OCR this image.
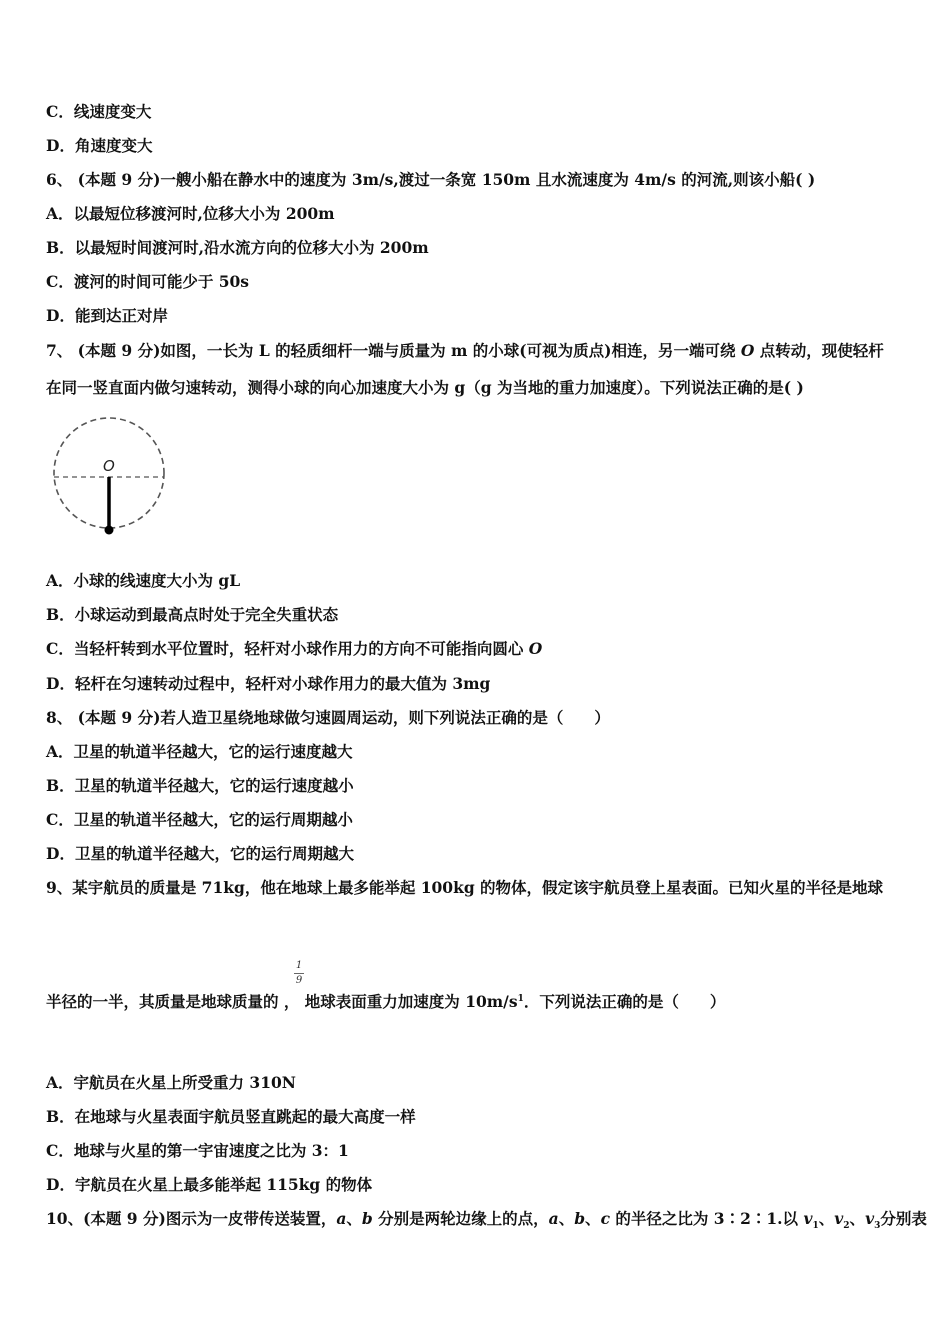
C．线速度变大
D．角速度变大
6、 (本题 9 分)一艘小船在静水中的速度为 3m/s,渡过一条宽 150m 且水流速度为 4m/s 的河流,则该小船( )
A．以最短位移渡河时,位移大小为 200m
B．以最短时间渡河时,沿水流方向的位移大小为 200m
C．渡河的时间可能少于 50s
D．能到达正对岸
7、 (本题 9 分)如图，一长为 L 的轻质细杆一端与质量为 m 的小球(可视为质点)相连，另一端可绕 O 点转动，现使轻杆
在同一竖直面内做匀速转动，测得小球的向心加速度大小为 g（g 为当地的重力加速度）。下列说法正确的是( )
O
A．小球的线速度大小为 gL
B．小球运动到最高点时处于完全失重状态
C．当轻杆转到水平位置时，轻杆对小球作用力的方向不可能指向圆心 O
D．轻杆在匀速转动过程中，轻杆对小球作用力的最大值为 3mg
8、 (本题 9 分)若人造卫星绕地球做匀速圆周运动，则下列说法正确的是（　　）
A．卫星的轨道半径越大，它的运行速度越大
B．卫星的轨道半径越大，它的运行速度越小
C．卫星的轨道半径越大，它的运行周期越小
D．卫星的轨道半径越大，它的运行周期越大
9、某宇航员的质量是 71kg，他在地球上最多能举起 100kg 的物体，假定该宇航员登上星表面。已知火星的半径是地球
1
9
半径的一半，其质量是地球质量的 ， 地球表面重力加速度为 $10m/s^1$．下列说法正确的是（　　）
A．宇航员在火星上所受重力 310N
B．在地球与火星表面宇航员竖直跳起的最大高度一样
C．地球与火星的第一宇宙速度之比为 3：1
D．宇航员在火星上最多能举起 115kg 的物体
10、(本题 9 分)图示为一皮带传送装置，a、b 分别是两轮边缘上的点，a、b、c 的半径之比为 3∶2∶1.以 $v_1$、$v_2$、$v_3$分别表
